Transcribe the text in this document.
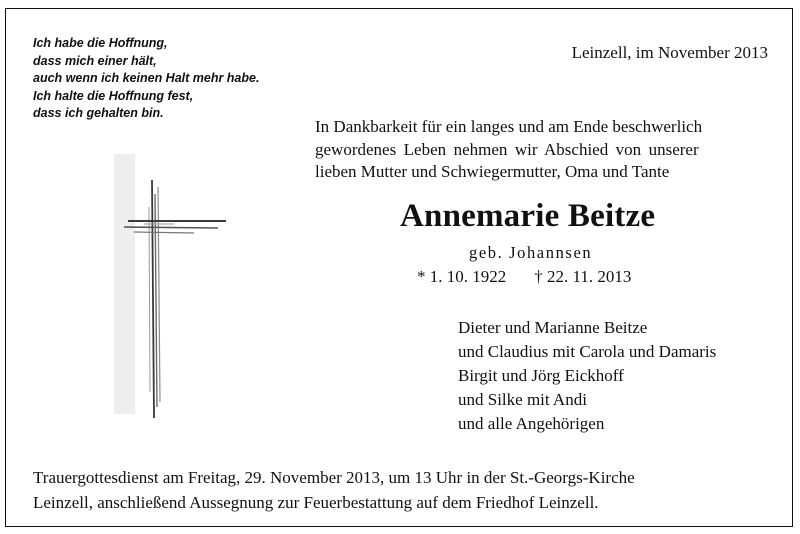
Ich habe die Hoffnung,
dass mich einer hält,
auch wenn ich keinen Halt mehr habe.
Ich halte die Hoffnung fest,
dass ich gehalten bin.
Leinzell, im November 2013
In Dankbarkeit für ein langes und am Ende beschwerlich
gewordenes Leben nehmen wir Abschied von unserer
lieben Mutter und Schwiegermutter, Oma und Tante
Annemarie Beitze
geb. Johannsen
* 1. 10. 1922 † 22. 11. 2013
Dieter und Marianne Beitze
und Claudius mit Carola und Damaris
Birgit und Jörg Eickhoff
und Silke mit Andi
und alle Angehörigen
Trauergottesdienst am Freitag, 29. November 2013, um 13 Uhr in der St.-Georgs-Kirche
Leinzell, anschließend Aussegnung zur Feuerbestattung auf dem Friedhof Leinzell.
